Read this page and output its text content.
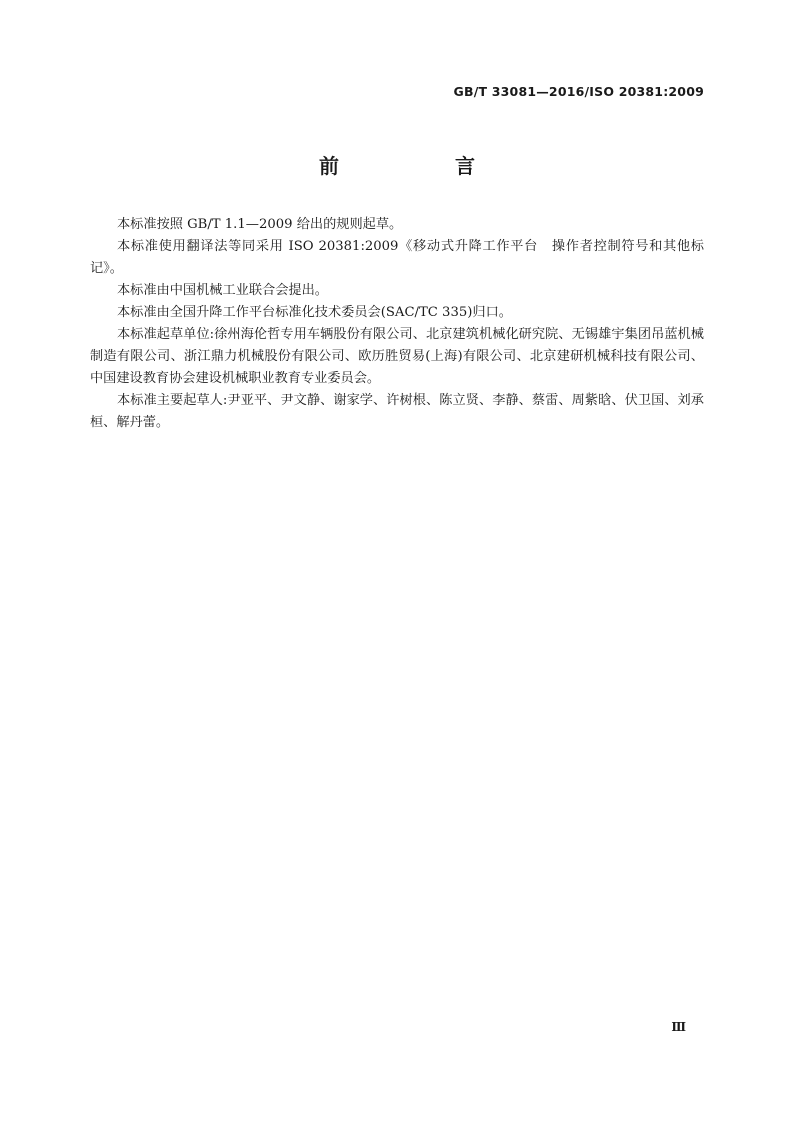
GB/T 33081—2016/ISO 20381:2009
前　言

本标准按照 GB/T 1.1—2009 给出的规则起草。

本标准使用翻译法等同采用 ISO 20381:2009《移动式升降工作平台　操作者控制符号和其他标记》。

本标准由中国机械工业联合会提出。

本标准由全国升降工作平台标准化技术委员会(SAC/TC 335)归口。

本标准起草单位:徐州海伦哲专用车辆股份有限公司、北京建筑机械化研究院、无锡雄宇集团吊蓝机械制造有限公司、浙江鼎力机械股份有限公司、欧历胜贸易(上海)有限公司、北京建研机械科技有限公司、中国建设教育协会建设机械职业教育专业委员会。

本标准主要起草人:尹亚平、尹文静、谢家学、许树根、陈立贤、李静、蔡雷、周紫晗、伏卫国、刘承桓、解丹蕾。

Ⅲ
